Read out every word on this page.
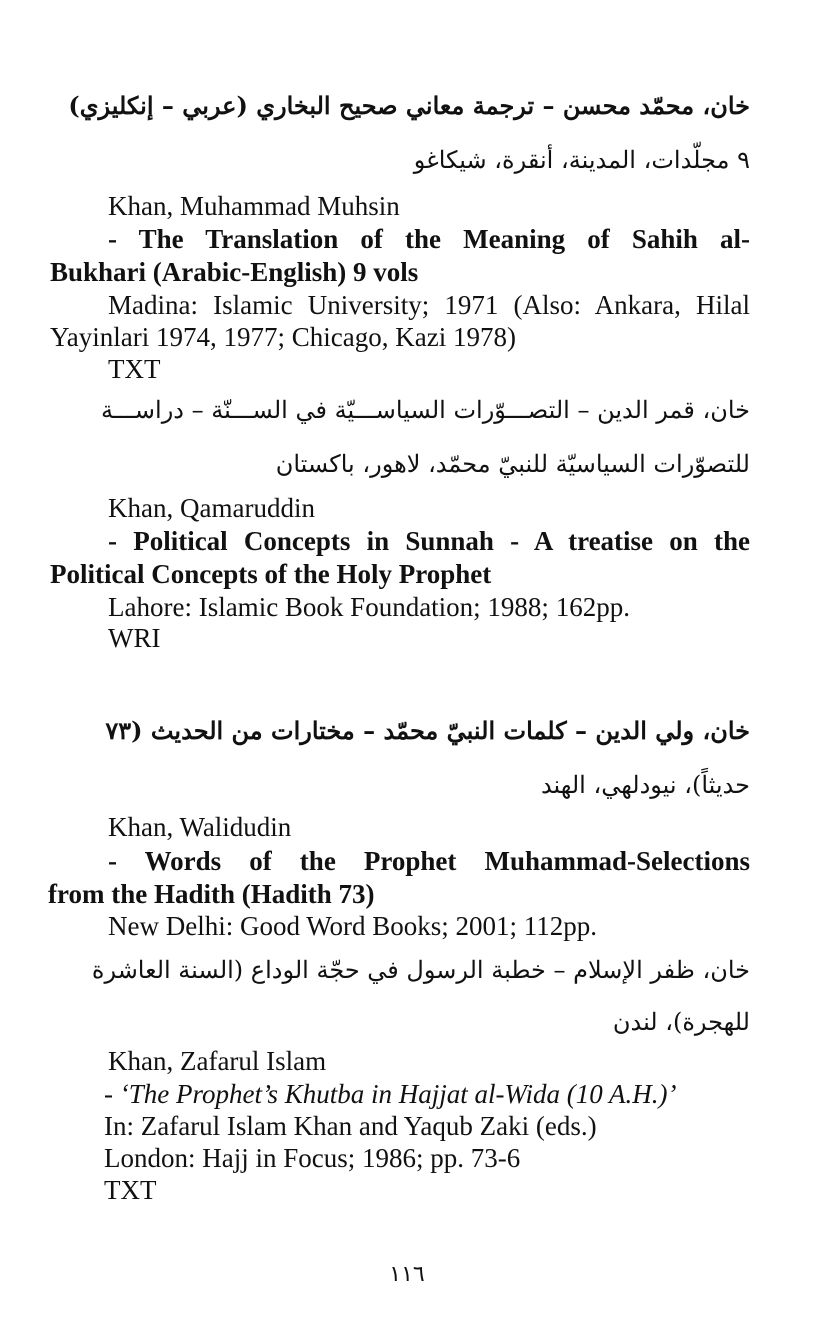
خان، محمّد محسن – ترجمة معاني صحيح البخاري (عربي – إنكليزي)
٩ مجلّدات، المدينة، أنقرة، شيكاغو
Khan, Muhammad Muhsin
- The Translation of the Meaning of Sahih al-
Bukhari (Arabic-English) 9 vols
Madina: Islamic University; 1971 (Also: Ankara, Hilal
Yayinlari 1974, 1977; Chicago, Kazi 1978)
TXT
خان، قمر الدين – التصـــوّرات السياســـيّة في الســـنّة – دراســـة
للتصوّرات السياسيّة للنبيّ محمّد، لاهور، باكستان
Khan, Qamaruddin
- Political Concepts in Sunnah - A treatise on the
Political Concepts of the Holy Prophet
Lahore: Islamic Book Foundation; 1988; 162pp.
WRI
خان، ولي الدين – كلمات النبيّ محمّد – مختارات من الحديث (٧٣
حديثاً)، نيودلهي، الهند
Khan, Walidudin
- Words of the Prophet Muhammad-Selections
from the Hadith (Hadith 73)
New Delhi: Good Word Books; 2001; 112pp.
خان، ظفر الإسلام – خطبة الرسول في حجّة الوداع (السنة العاشرة
للهجرة)، لندن
Khan, Zafarul Islam
- ‘The Prophet’s Khutba in Hajjat al-Wida (10 A.H.)’
In: Zafarul Islam Khan and Yaqub Zaki (eds.)
London: Hajj in Focus; 1986; pp. 73-6
TXT
١١٦
